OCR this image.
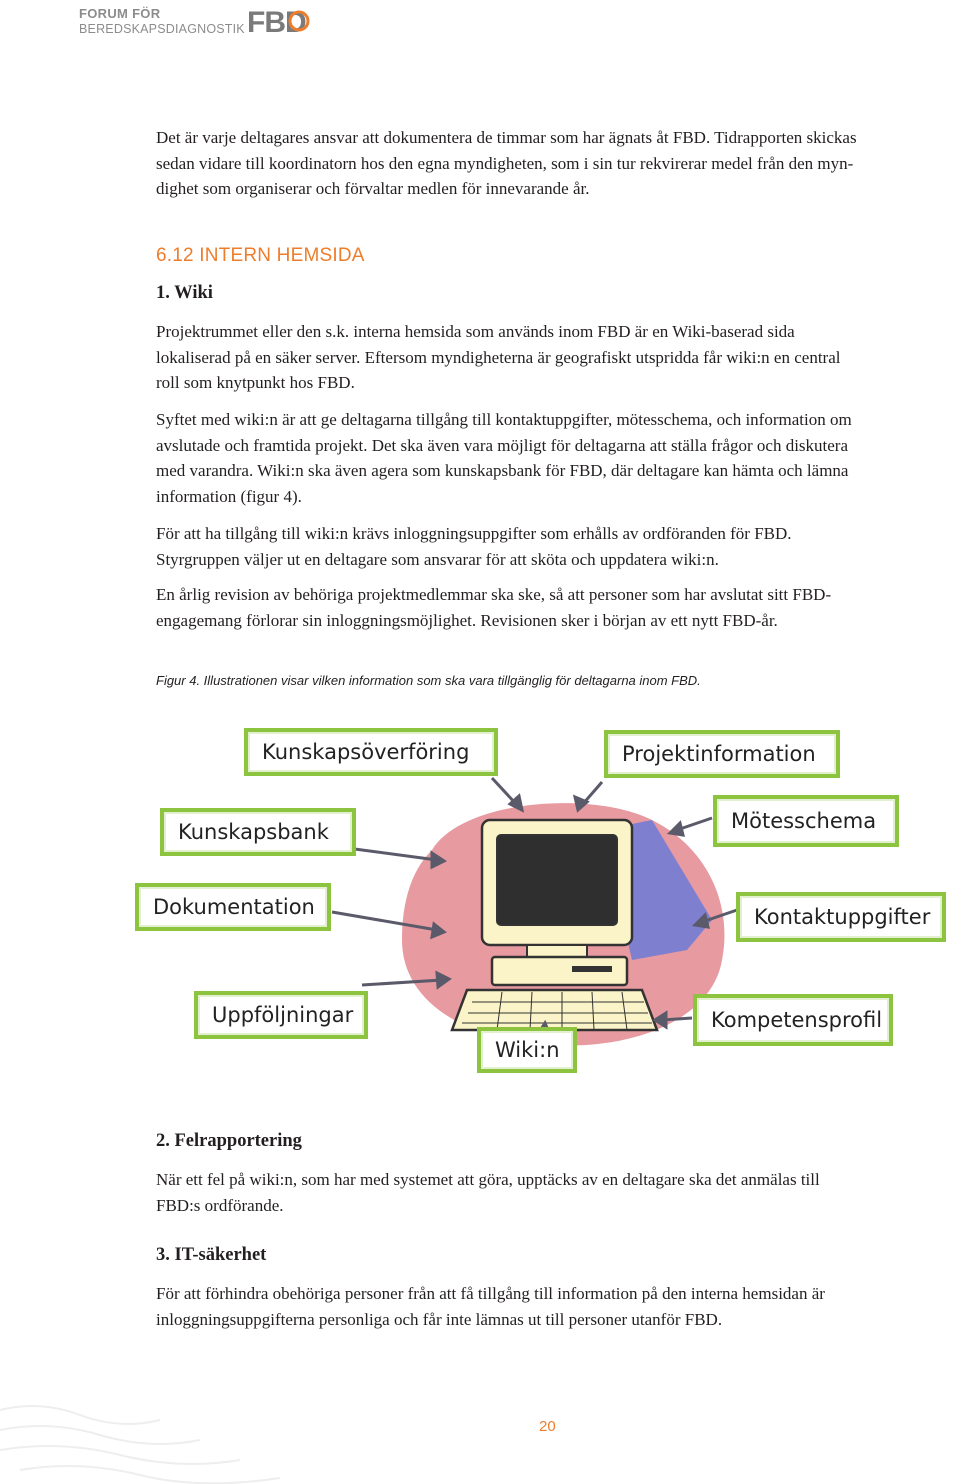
FORUM FÖR
BEREDSKAPSDIAGNOSTIK FBD

Det är varje deltagares ansvar att dokumentera de timmar som har ägnats åt FBD. Tidrapporten skickas
sedan vidare till koordinatorn hos den egna myndigheten, som i sin tur rekvirerar medel från den myn-
dighet som organiserar och förvaltar medlen för innevarande år.

6.12 INTERN HEMSIDA
1. Wiki

Projektrummet eller den s.k. interna hemsida som används inom FBD är en Wiki-baserad sida
lokaliserad på en säker server. Eftersom myndigheterna är geografiskt utspridda får wiki:n en central
roll som knytpunkt hos FBD.

Syftet med wiki:n är att ge deltagarna tillgång till kontaktuppgifter, mötesschema, och information om
avslutade och framtida projekt. Det ska även vara möjligt för deltagarna att ställa frågor och diskutera
med varandra. Wiki:n ska även agera som kunskapsbank för FBD, där deltagare kan hämta och lämna
information (figur 4).

För att ha tillgång till wiki:n krävs inloggningsuppgifter som erhålls av ordföranden för FBD.
Styrgruppen väljer ut en deltagare som ansvarar för att sköta och uppdatera wiki:n.

En årlig revision av behöriga projektmedlemmar ska ske, så att personer som har avslutat sitt FBD-
engagemang förlorar sin inloggningsmöjlighet. Revisionen sker i början av ett nytt FBD-år.

Figur 4. Illustrationen visar vilken information som ska vara tillgänglig för deltagarna inom FBD.

Kunskapsöverföring	Projektinformation
Kunskapsbank	Mötesschema
Dokumentation	Kontaktuppgifter
Uppföljningar	Kompetensprofil
Wiki:n
2. Felrapportering

När ett fel på wiki:n, som har med systemet att göra, upptäcks av en deltagare ska det anmälas till
FBD:s ordförande.

3. IT-säkerhet

För att förhindra obehöriga personer från att få tillgång till information på den interna hemsidan är
inloggningsuppgifterna personliga och får inte lämnas ut till personer utanför FBD.

20
